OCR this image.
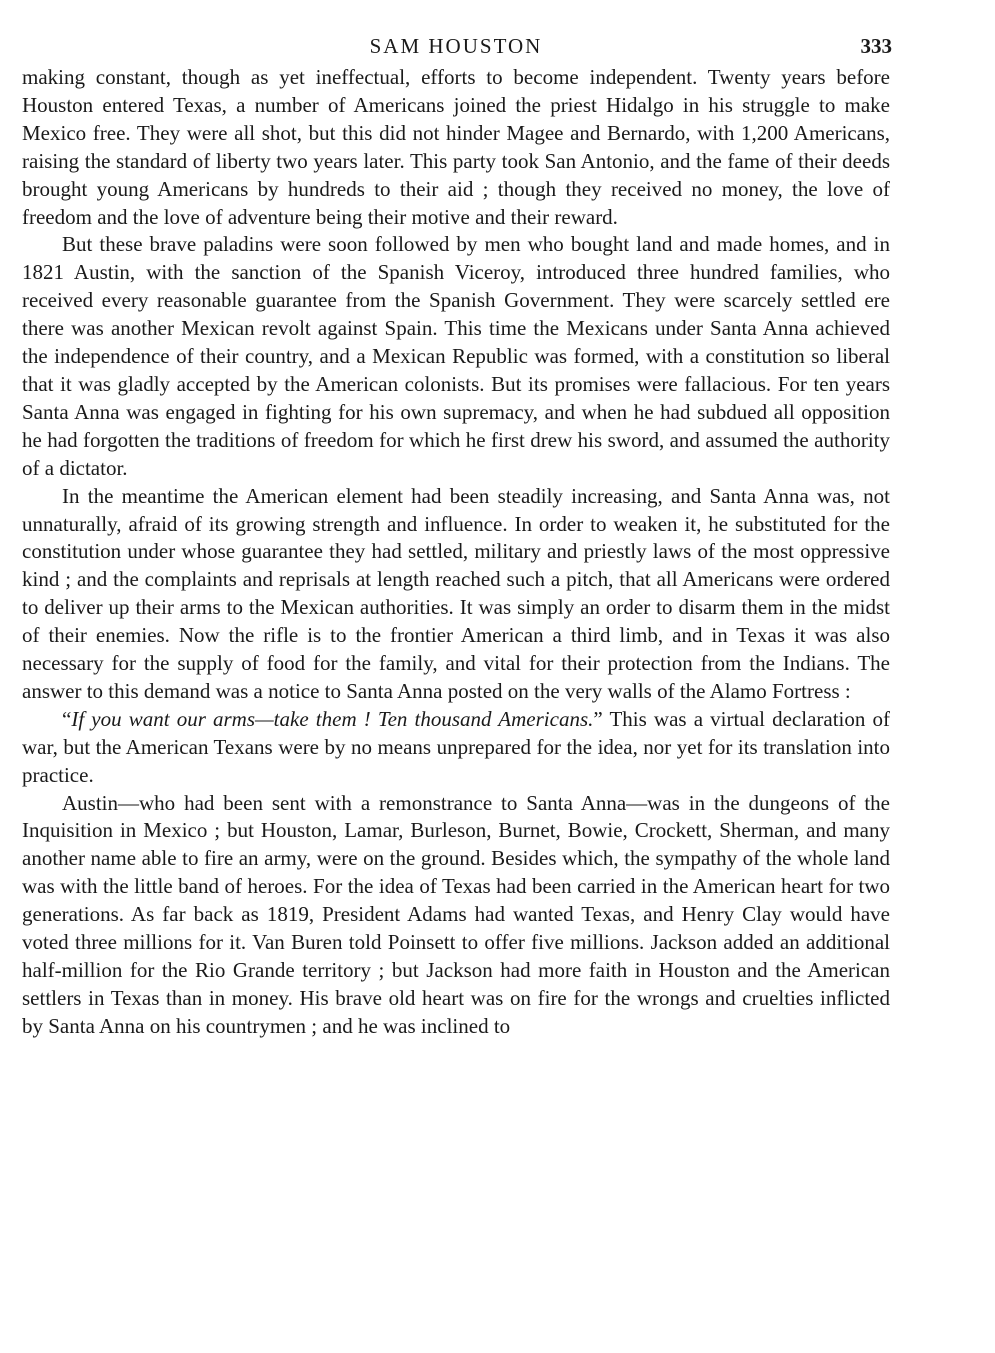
SAM HOUSTON	333

making constant, though as yet ineffectual, efforts to become independent. Twenty years before Houston entered Texas, a number of Americans joined the priest Hidalgo in his struggle to make Mexico free. They were all shot, but this did not hinder Magee and Bernardo, with 1,200 Americans, raising the standard of liberty two years later. This party took San Antonio, and the fame of their deeds brought young Americans by hundreds to their aid ; though they received no money, the love of freedom and the love of adventure being their motive and their reward.

But these brave paladins were soon followed by men who bought land and made homes, and in 1821 Austin, with the sanction of the Spanish Viceroy, introduced three hundred families, who received every reasonable guarantee from the Spanish Government. They were scarcely settled ere there was another Mexican revolt against Spain. This time the Mexicans under Santa Anna achieved the independence of their country, and a Mexican Republic was formed, with a constitution so liberal that it was gladly accepted by the American colonists. But its promises were fallacious. For ten years Santa Anna was engaged in fighting for his own supremacy, and when he had subdued all opposition he had forgotten the traditions of freedom for which he first drew his sword, and assumed the authority of a dictator.

In the meantime the American element had been steadily increasing, and Santa Anna was, not unnaturally, afraid of its growing strength and influence. In order to weaken it, he substituted for the constitution under whose guarantee they had settled, military and priestly laws of the most oppressive kind ; and the complaints and reprisals at length reached such a pitch, that all Americans were ordered to deliver up their arms to the Mexican authorities. It was simply an order to disarm them in the midst of their enemies. Now the rifle is to the frontier American a third limb, and in Texas it was also necessary for the supply of food for the family, and vital for their protection from the Indians. The answer to this demand was a notice to Santa Anna posted on the very walls of the Alamo Fortress :

“If you want our arms—take them ! Ten thousand Americans.” This was a virtual declaration of war, but the American Texans were by no means unprepared for the idea, nor yet for its translation into practice.

Austin—who had been sent with a remonstrance to Santa Anna—was in the dungeons of the Inquisition in Mexico ; but Houston, Lamar, Burleson, Burnet, Bowie, Crockett, Sherman, and many another name able to fire an army, were on the ground. Besides which, the sympathy of the whole land was with the little band of heroes. For the idea of Texas had been carried in the American heart for two generations. As far back as 1819, President Adams had wanted Texas, and Henry Clay would have voted three millions for it. Van Buren told Poinsett to offer five millions. Jackson added an additional half-million for the Rio Grande territory ; but Jackson had more faith in Houston and the American settlers in Texas than in money. His brave old heart was on fire for the wrongs and cruelties inflicted by Santa Anna on his countrymen ; and he was inclined to
